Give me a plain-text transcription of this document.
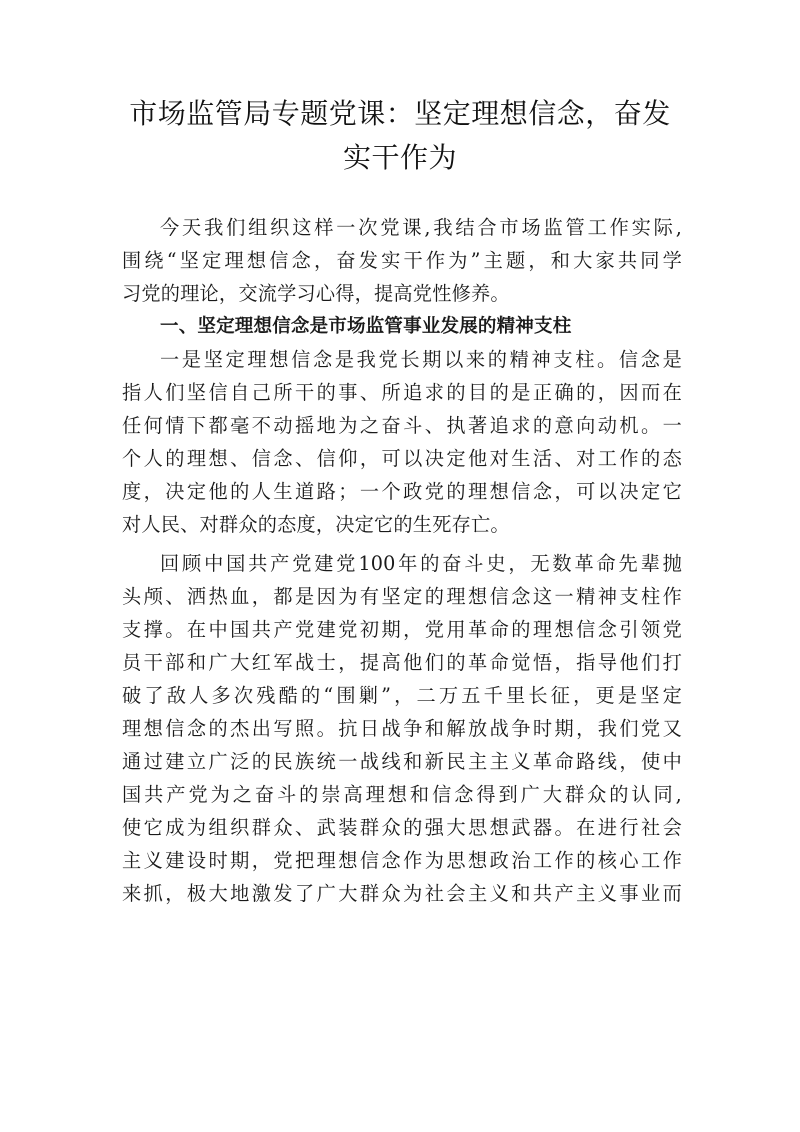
市场监管局专题党课：坚定理想信念，奋发
实干作为
今天我们组织这样一次党课,我结合市场监管工作实际,
围绕“坚定理想信念，奋发实干作为”主题，和大家共同学
习党的理论，交流学习心得，提高党性修养。
一、坚定理想信念是市场监管事业发展的精神支柱
一是坚定理想信念是我党长期以来的精神支柱。信念是
指人们坚信自己所干的事、所追求的目的是正确的，因而在
任何情下都毫不动摇地为之奋斗、执著追求的意向动机。一
个人的理想、信念、信仰，可以决定他对生活、对工作的态
度，决定他的人生道路；一个政党的理想信念，可以决定它
对人民、对群众的态度，决定它的生死存亡。
回顾中国共产党建党100年的奋斗史，无数革命先辈抛
头颅、洒热血，都是因为有坚定的理想信念这一精神支柱作
支撑。在中国共产党建党初期，党用革命的理想信念引领党
员干部和广大红军战士，提高他们的革命觉悟，指导他们打
破了敌人多次残酷的“围剿”，二万五千里长征，更是坚定
理想信念的杰出写照。抗日战争和解放战争时期，我们党又
通过建立广泛的民族统一战线和新民主主义革命路线，使中
国共产党为之奋斗的崇高理想和信念得到广大群众的认同,
使它成为组织群众、武装群众的强大思想武器。在进行社会
主义建设时期，党把理想信念作为思想政治工作的核心工作
来抓，极大地激发了广大群众为社会主义和共产主义事业而
